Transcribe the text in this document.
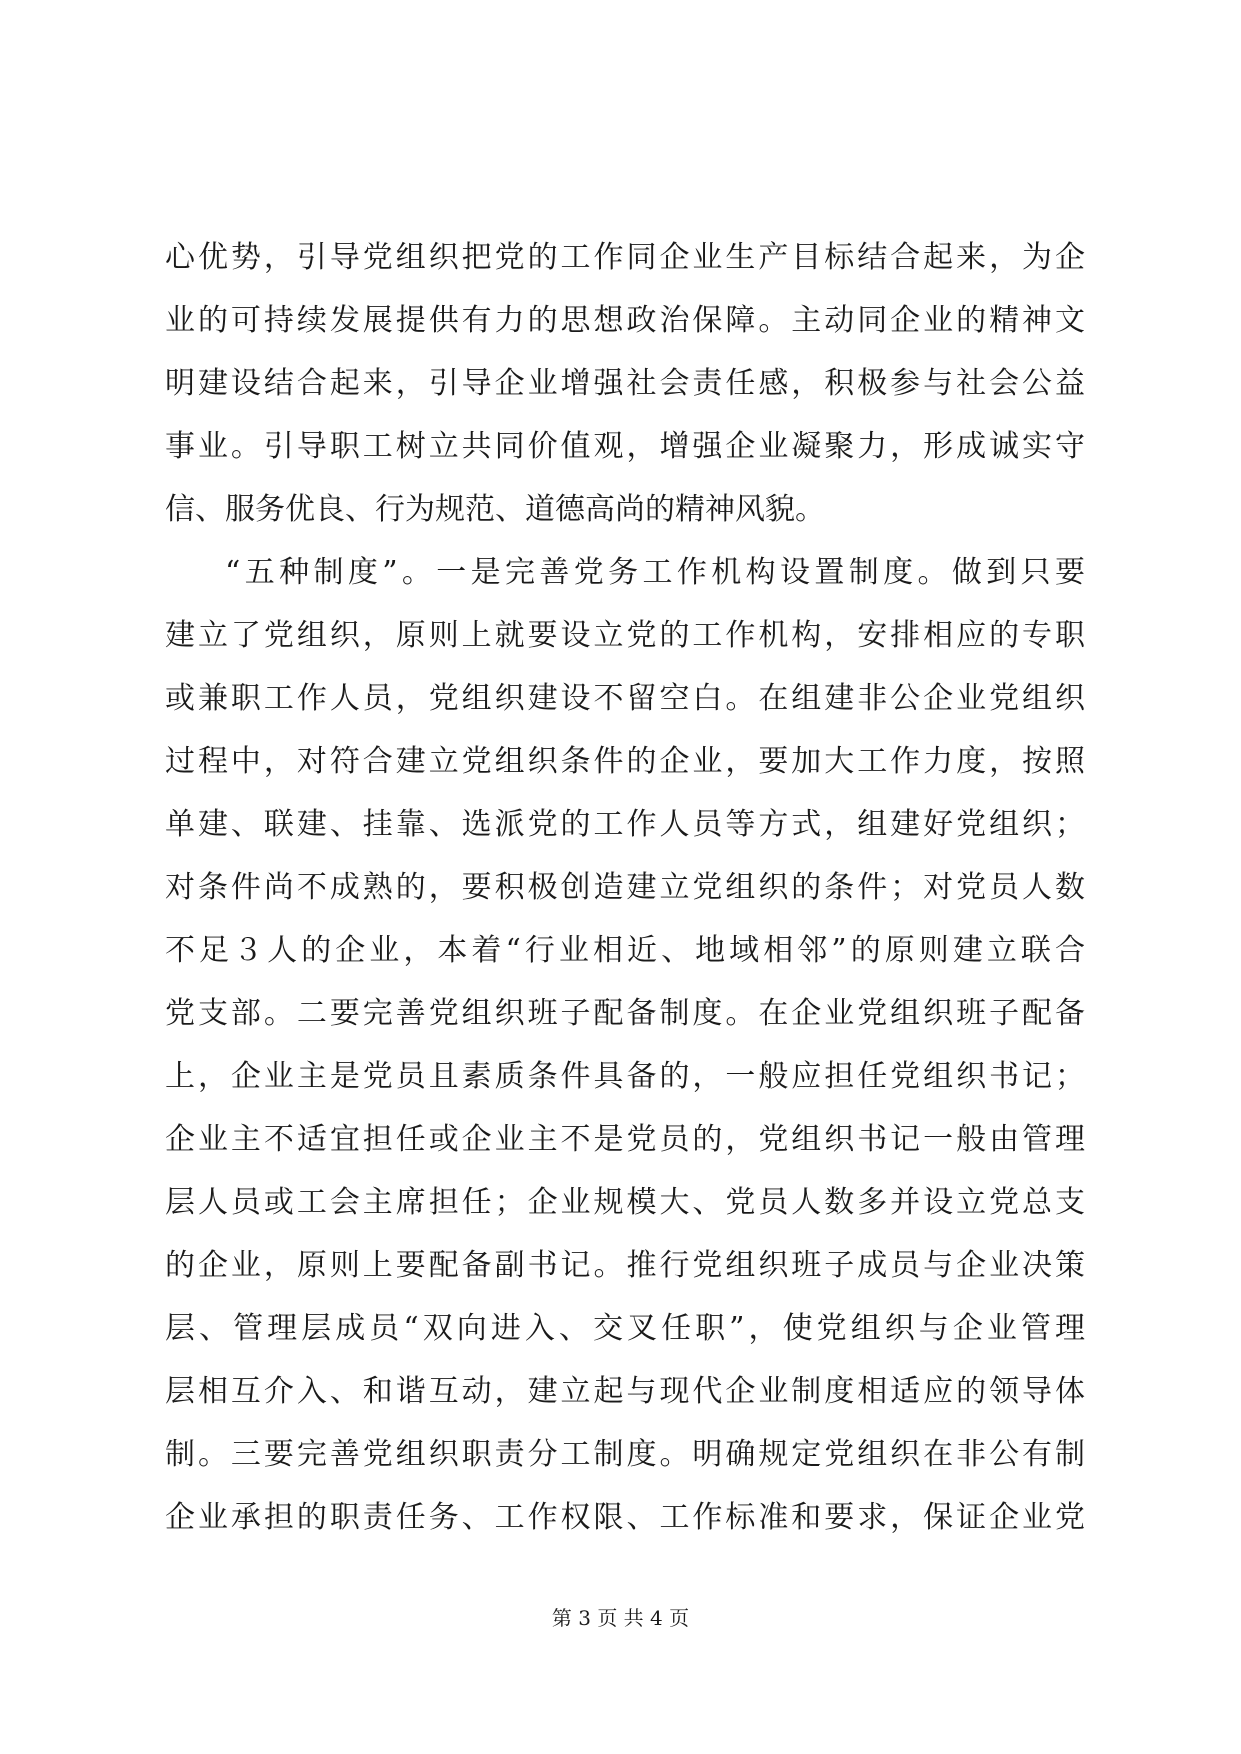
心优势，引导党组织把党的工作同企业生产目标结合起来，为企
业的可持续发展提供有力的思想政治保障。主动同企业的精神文
明建设结合起来，引导企业增强社会责任感，积极参与社会公益
事业。引导职工树立共同价值观，增强企业凝聚力，形成诚实守
信、服务优良、行为规范、道德高尚的精神风貌。
“五种制度”。一是完善党务工作机构设置制度。做到只要
建立了党组织，原则上就要设立党的工作机构，安排相应的专职
或兼职工作人员，党组织建设不留空白。在组建非公企业党组织
过程中，对符合建立党组织条件的企业，要加大工作力度，按照
单建、联建、挂靠、选派党的工作人员等方式，组建好党组织；
对条件尚不成熟的，要积极创造建立党组织的条件；对党员人数
不足３人的企业，本着“行业相近、地域相邻”的原则建立联合
党支部。二要完善党组织班子配备制度。在企业党组织班子配备
上，企业主是党员且素质条件具备的，一般应担任党组织书记；
企业主不适宜担任或企业主不是党员的，党组织书记一般由管理
层人员或工会主席担任；企业规模大、党员人数多并设立党总支
的企业，原则上要配备副书记。推行党组织班子成员与企业决策
层、管理层成员“双向进入、交叉任职”，使党组织与企业管理
层相互介入、和谐互动，建立起与现代企业制度相适应的领导体
制。三要完善党组织职责分工制度。明确规定党组织在非公有制
企业承担的职责任务、工作权限、工作标准和要求，保证企业党
第 3 页 共 4 页
